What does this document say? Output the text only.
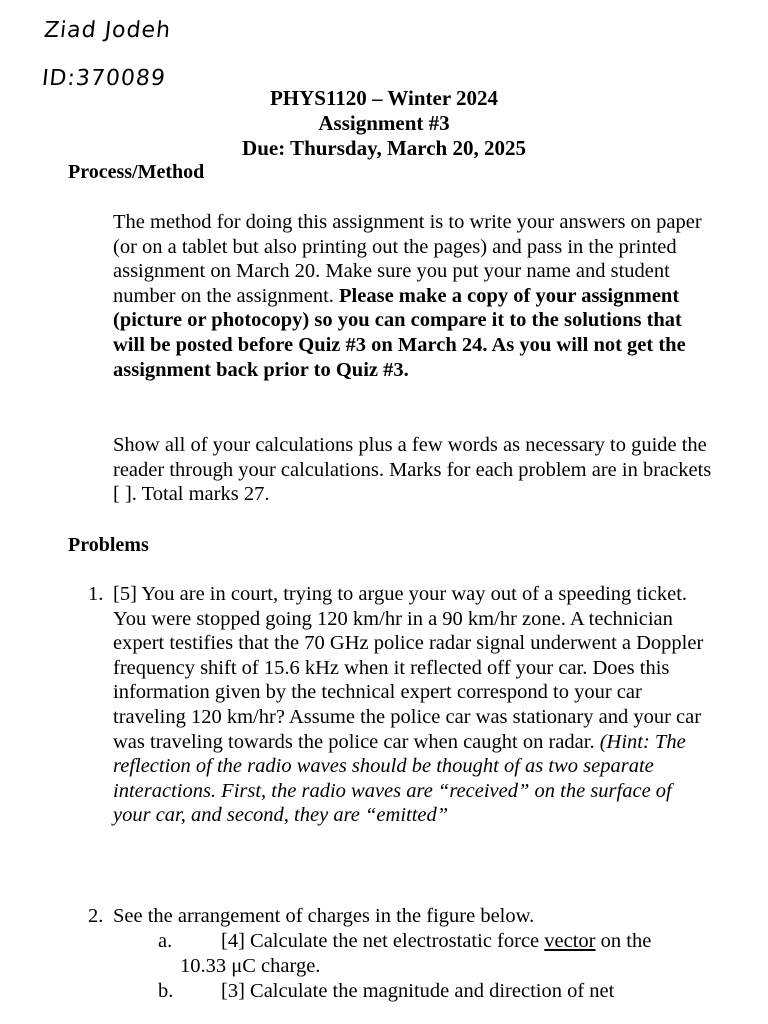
Ziad Jodeh
ID:370089
PHYS1120 – Winter 2024
Assignment #3
Due: Thursday, March 20, 2025
Process/Method
The method for doing this assignment is to write your answers on paper (or on a tablet but also printing out the pages) and pass in the printed assignment on March 20. Make sure you put your name and student number on the assignment. Please make a copy of your assignment (picture or photocopy) so you can compare it to the solutions that will be posted before Quiz #3 on March 24. As you will not get the assignment back prior to Quiz #3.
Show all of your calculations plus a few words as necessary to guide the reader through your calculations. Marks for each problem are in brackets [ ]. Total marks 27.
Problems
1. [5] You are in court, trying to argue your way out of a speeding ticket. You were stopped going 120 km/hr in a 90 km/hr zone. A technician expert testifies that the 70 GHz police radar signal underwent a Doppler frequency shift of 15.6 kHz when it reflected off your car. Does this information given by the technical expert correspond to your car traveling 120 km/hr? Assume the police car was stationary and your car was traveling towards the police car when caught on radar. (Hint: The reflection of the radio waves should be thought of as two separate interactions. First, the radio waves are “received” on the surface of your car, and second, they are “emitted”
2. See the arrangement of charges in the figure below.
a. [4] Calculate the net electrostatic force vector on the
10.33 μC charge.
b. [3] Calculate the magnitude and direction of net
